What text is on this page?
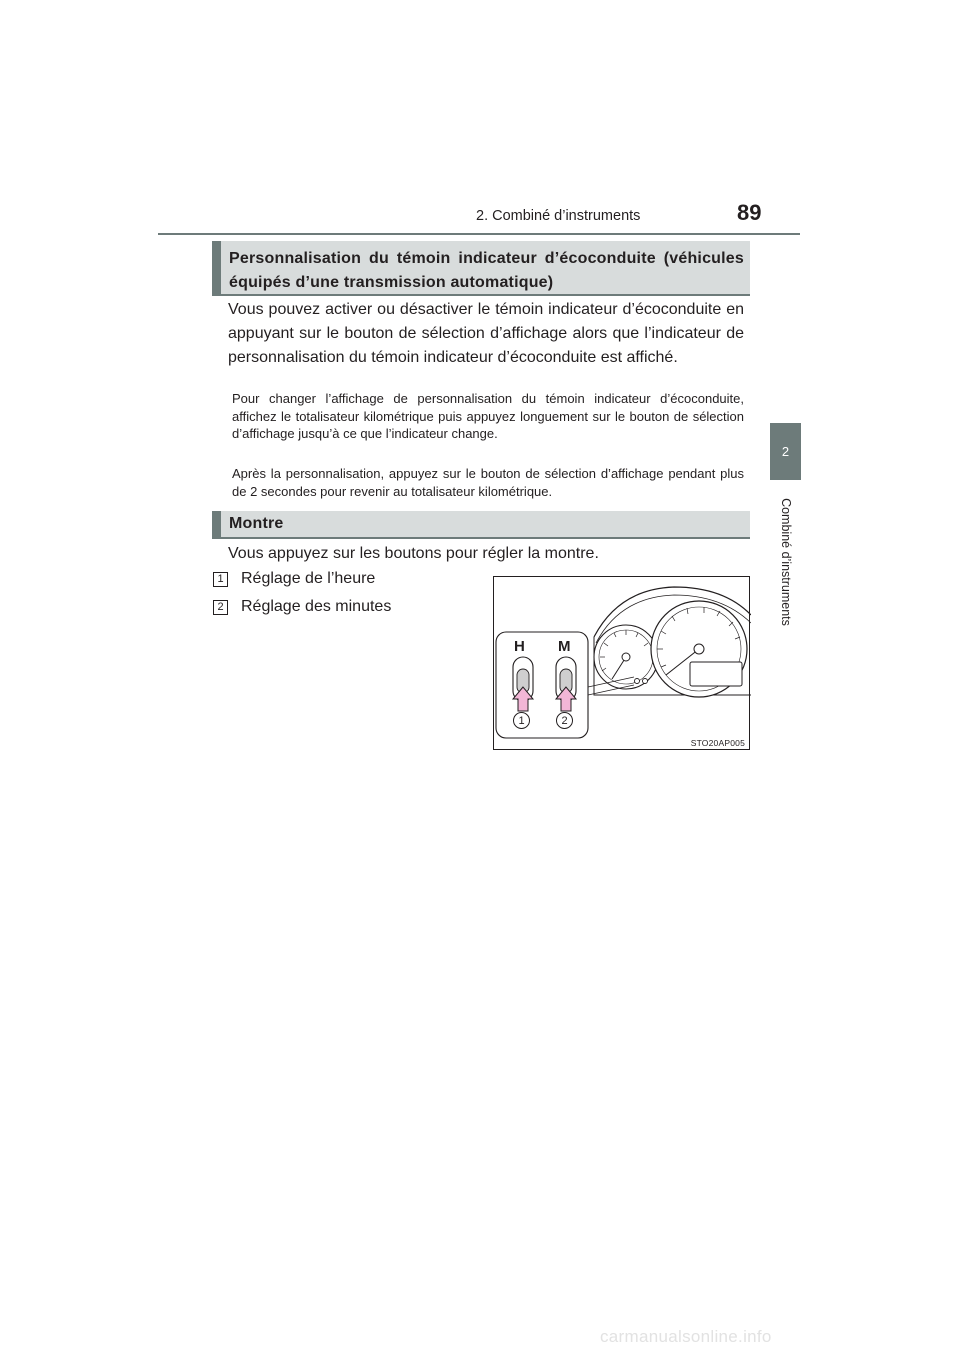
2. Combiné d’instruments	89
2
Combiné d’instruments
Personnalisation du témoin indicateur d’écoconduite (véhicules équipés d’une transmission automatique)
Vous pouvez activer ou désactiver le témoin indicateur d’écoconduite en appuyant sur le bouton de sélection d’affichage alors que l’indicateur de personnalisation du témoin indicateur d’écoconduite est affiché.
Pour changer l’affichage de personnalisation du témoin indicateur d’écoconduite, affichez le totalisateur kilométrique puis appuyez longuement sur le bouton de sélection d’affichage jusqu’à ce que l’indicateur change.
Après la personnalisation, appuyez sur le bouton de sélection d’affichage pendant plus de 2 secondes pour revenir au totalisateur kilométrique.
Montre
Vous appuyez sur les boutons pour régler la montre.
1 Réglage de l’heure
2 Réglage des minutes
H M
1	2
STO20AP005
carmanualsonline.info
